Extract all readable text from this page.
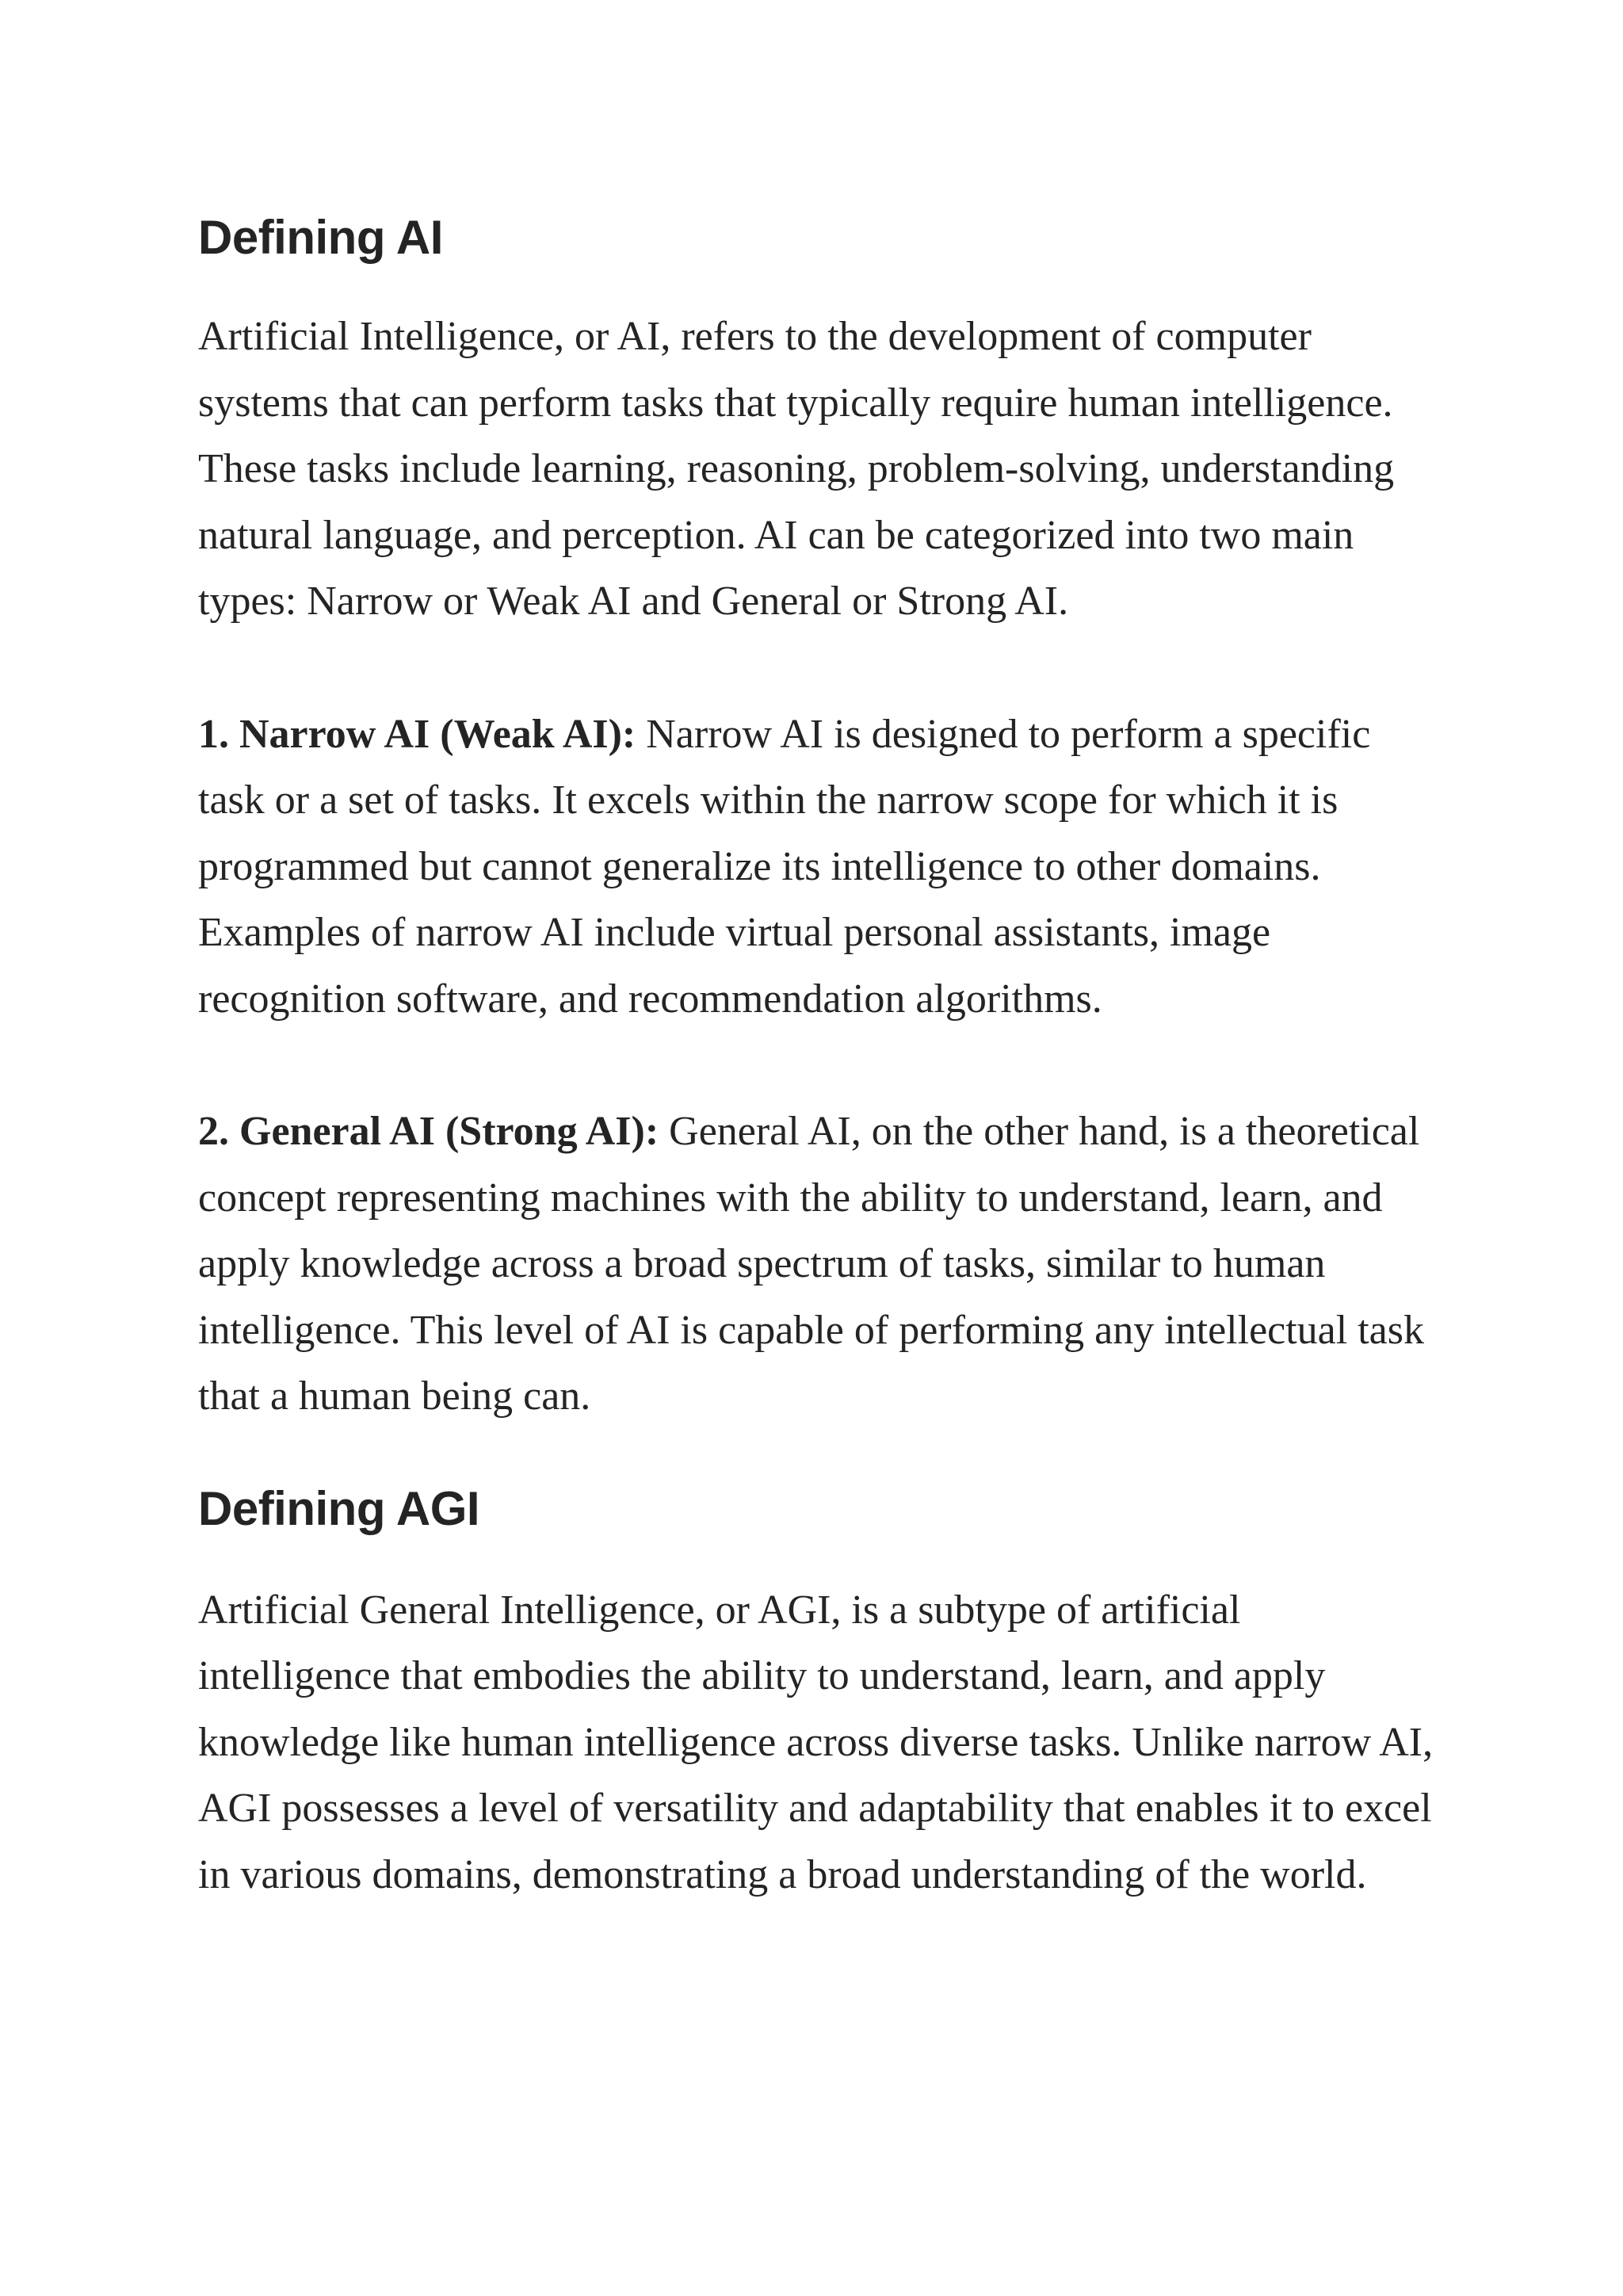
Defining AI

Artificial Intelligence, or AI, refers to the development of computer systems that can perform tasks that typically require human intelligence. These tasks include learning, reasoning, problem-solving, understanding natural language, and perception. AI can be categorized into two main types: Narrow or Weak AI and General or Strong AI.

1. Narrow AI (Weak AI): Narrow AI is designed to perform a specific task or a set of tasks. It excels within the narrow scope for which it is programmed but cannot generalize its intelligence to other domains. Examples of narrow AI include virtual personal assistants, image recognition software, and recommendation algorithms.

2. General AI (Strong AI): General AI, on the other hand, is a theoretical concept representing machines with the ability to understand, learn, and apply knowledge across a broad spectrum of tasks, similar to human intelligence. This level of AI is capable of performing any intellectual task that a human being can.

Defining AGI

Artificial General Intelligence, or AGI, is a subtype of artificial intelligence that embodies the ability to understand, learn, and apply knowledge like human intelligence across diverse tasks. Unlike narrow AI, AGI possesses a level of versatility and adaptability that enables it to excel in various domains, demonstrating a broad understanding of the world.
